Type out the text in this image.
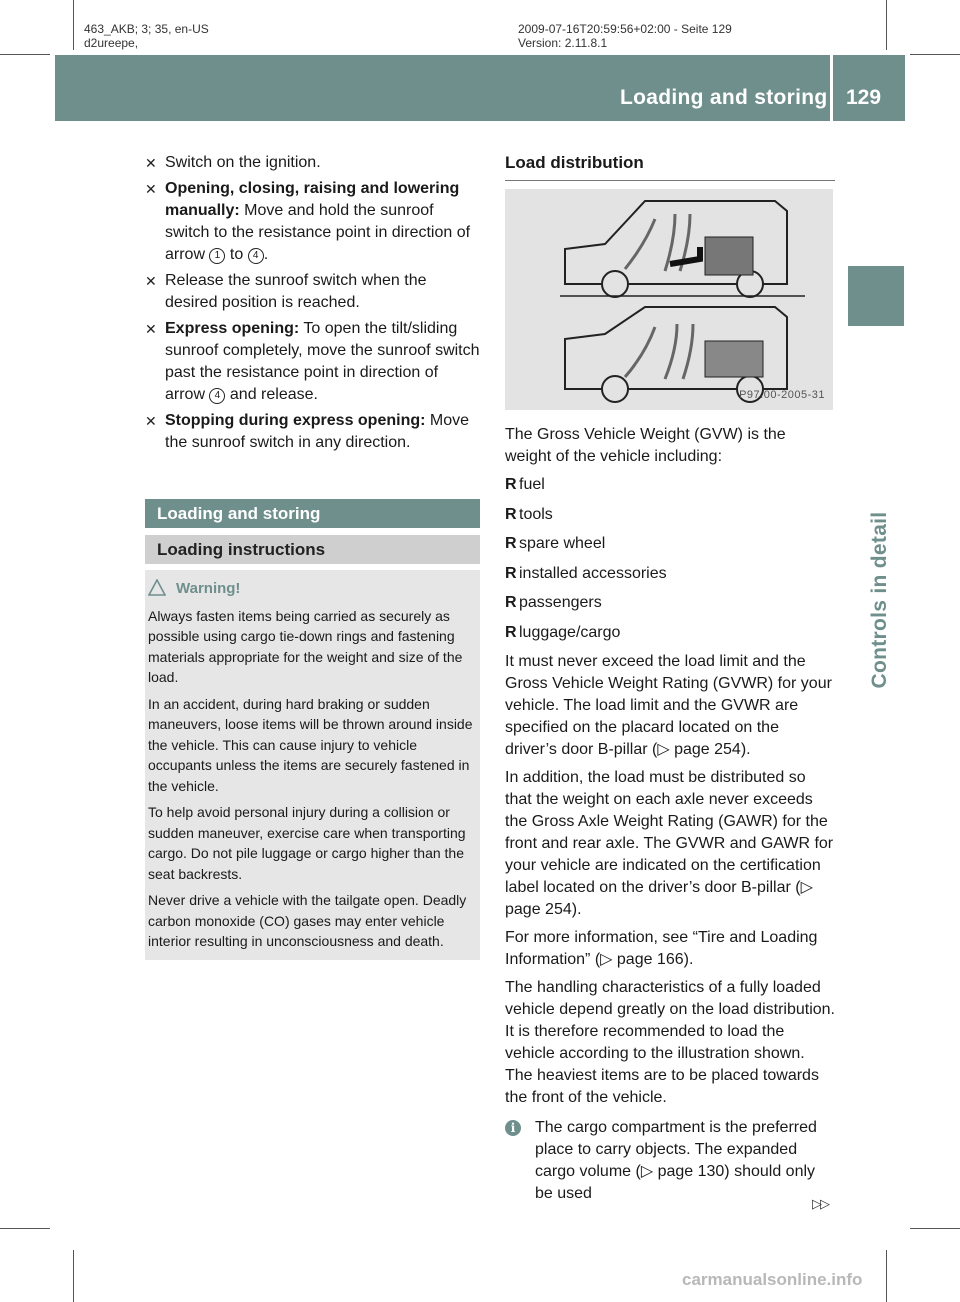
463_AKB; 3; 35, en-US
d2ureepe,
2009-07-16T20:59:56+02:00 - Seite 129
Version: 2.11.8.1
Loading and storing 129
Controls in detail
✕ Switch on the ignition.
✕ Opening, closing, raising and lowering manually: Move and hold the sunroof switch to the resistance point in direction of arrow 1 to 4 .
✕ Release the sunroof switch when the desired position is reached.
✕ Express opening: To open the tilt/sliding sunroof completely, move the sunroof switch past the resistance point in direction of arrow 4 and release.
✕ Stopping during express opening: Move the sunroof switch in any direction.
Loading and storing
Loading instructions
Warning!

Always fasten items being carried as securely as possible using cargo tie-down rings and fastening materials appropriate for the weight and size of the load.

In an accident, during hard braking or sudden maneuvers, loose items will be thrown around inside the vehicle. This can cause injury to vehicle occupants unless the items are securely fastened in the vehicle.

To help avoid personal injury during a collision or sudden maneuver, exercise care when transporting cargo. Do not pile luggage or cargo higher than the seat backrests.

Never drive a vehicle with the tailgate open. Deadly carbon monoxide (CO) gases may enter vehicle interior resulting in unconsciousness and death.

Load distribution
P97.00-2005-31

The Gross Vehicle Weight (GVW) is the weight of the vehicle including:

R fuel
R tools
R spare wheel
R installed accessories
R passengers
R luggage/cargo

It must never exceed the load limit and the Gross Vehicle Weight Rating (GVWR) for your vehicle. The load limit and the GVWR are specified on the placard located on the driver’s door B-pillar (▷ page 254).

In addition, the load must be distributed so that the weight on each axle never exceeds the Gross Axle Weight Rating (GAWR) for the front and rear axle. The GVWR and GAWR for your vehicle are indicated on the certification label located on the driver’s door B-pillar (▷ page 254).

For more information, see “Tire and Loading Information” (▷ page 166).

The handling characteristics of a fully loaded vehicle depend greatly on the load distribution. It is therefore recommended to load the vehicle according to the illustration shown. The heaviest items are to be placed towards the front of the vehicle.

i	The cargo compartment is the preferred place to carry objects. The expanded cargo volume (▷ page 130) should only be used
▷▷
carmanualsonline.info
